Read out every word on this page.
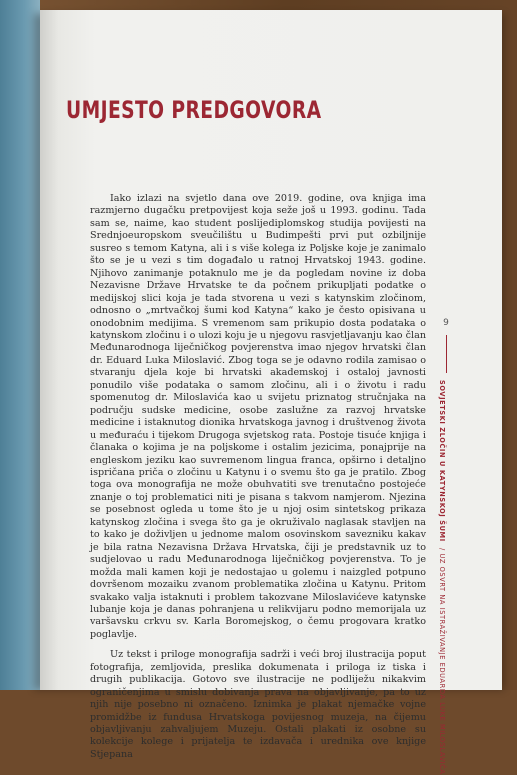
UMJESTO PREDGOVORA

Iako izlazi na svjetlo dana ove 2019. godine, ova knjiga ima razmjerno dugačku pretpovijest koja seže još u 1993. godinu. Tada sam se, naime, kao student poslijediplomskog studija povijesti na Srednjoeuropskom sveučilištu u Budimpešti prvi put ozbiljnije susreo s temom Katyna, ali i s više kolega iz Poljske koje je zanimalo što se je u vezi s tim događalo u ratnoj Hrvatskoj 1943. godine. Njihovo zanimanje potaknulo me je da pogledam novine iz doba Nezavisne Države Hrvatske te da počnem prikupljati podatke o medijskoj slici koja je tada stvorena u vezi s katynskim zločinom, odnosno o „mrtvačkoj šumi kod Katyna“ kako je često opisivana u onodobnim medijima. S vremenom sam prikupio dosta podataka o katynskom zločinu i o ulozi koju je u njegovu rasvjetljavanju kao član Međunarodnoga liječničkog povjerenstva imao njegov hrvatski član dr. Eduard Luka Miloslavić. Zbog toga se je odavno rodila zamisao o stvaranju djela koje bi hrvatski akademskoj i ostaloj javnosti ponudilo više podataka o samom zločinu, ali i o životu i radu spomenutog dr. Miloslavića kao u svijetu priznatog stručnjaka na području sudske medicine, osobe zaslužne za razvoj hrvatske medicine i istaknutog dionika hrvatskoga javnog i društvenog života u međuraću i tijekom Drugoga svjetskog rata. Postoje tisuće knjiga i članaka o kojima je na poljskome i ostalim jezicima, ponajprije na engleskom jeziku kao suvremenom lingua franca, opširno i detaljno ispričana priča o zločinu u Katynu i o svemu što ga je pratilo. Zbog toga ova monografija ne može obuhvatiti sve trenutačno postojeće znanje o toj problematici niti je pisana s takvom namjerom. Njezina se posebnost ogleda u tome što je u njoj osim sintetskog prikaza katynskog zločina i svega što ga je okruživalo naglasak stavljen na to kako je doživljen u jednome malom osovinskom savezniku kakav je bila ratna Nezavisna Država Hrvatska, čiji je predstavnik uz to sudjelovao u radu Međunarodnoga liječničkog povjerenstva. To je možda mali kamen koji je nedostajao u golemu i naizgled potpuno dovršenom mozaiku zvanom problematika zločina u Katynu. Pritom svakako valja istaknuti i problem takozvane Miloslavićeve katynske lubanje koja je danas pohranjena u relikvijaru podno memorijala uz varšavsku crkvu sv. Karla Boromejskog, o čemu progovara kratko poglavlje.

Uz tekst i priloge monografija sadrži i veći broj ilustracija poput fotografija, zemljovida, preslika dokumenata i priloga iz tiska i drugih publikacija. Gotovo sve ilustracije ne podliježu nikakvim ograničenjima u smislu dobivanja prava na objavljivanje, pa to uz njih nije posebno ni označeno. Iznimka je plakat njemačke vojne promidžbe iz fundusa Hrvatskoga povijesnog muzeja, na čijemu objavljivanju zahvaljujem Muzeju. Ostali plakati iz osobne su kolekcije kolege i prijatelja te izdavača i urednika ove knjige Stjepana

9
SOVJETSKI ZLOČIN U KATYNSKOJ ŠUMI / UZ OSVRT NA ISTRAŽIVANJE EDUARDA LUKE MILOSLAVIĆA
